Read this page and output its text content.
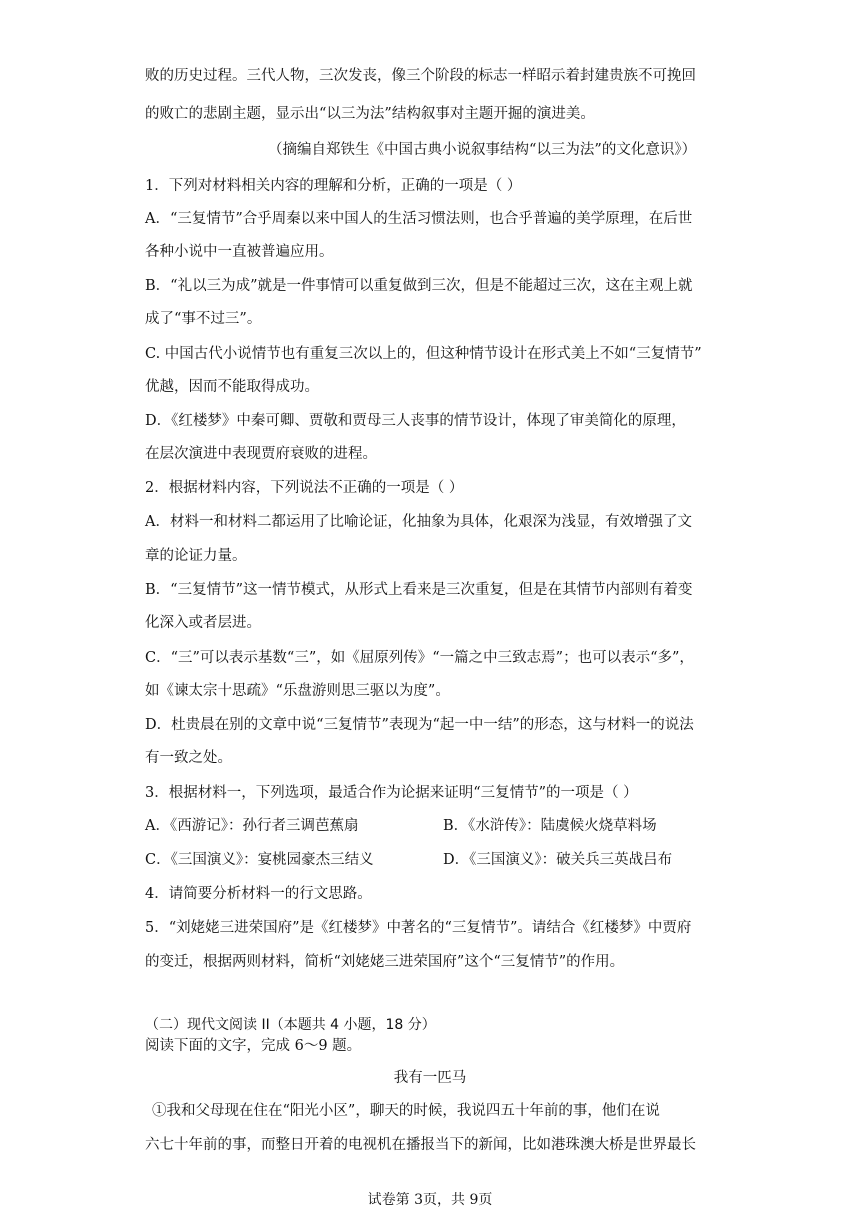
败的历史过程。三代人物，三次发丧，像三个阶段的标志一样昭示着封建贵族不可挽回
的败亡的悲剧主题，显示出“以三为法”结构叙事对主题开掘的演进美。
（摘编自郑铁生《中国古典小说叙事结构“以三为法”的文化意识》）
1．下列对材料相关内容的理解和分析，正确的一项是（ ）
A．“三复情节”合乎周秦以来中国人的生活习惯法则，也合乎普遍的美学原理，在后世
各种小说中一直被普遍应用。
B．“礼以三为成”就是一件事情可以重复做到三次，但是不能超过三次，这在主观上就
成了“事不过三”。
C. 中国古代小说情节也有重复三次以上的，但这种情节设计在形式美上不如“三复情节”
优越，因而不能取得成功。
D．《红楼梦》中秦可卿、贾敬和贾母三人丧事的情节设计，体现了审美简化的原理，
在层次演进中表现贾府衰败的进程。
2．根据材料内容，下列说法不正确的一项是（ ）
A．材料一和材料二都运用了比喻论证，化抽象为具体，化艰深为浅显，有效增强了文
章的论证力量。
B．“三复情节”这一情节模式，从形式上看来是三次重复，但是在其情节内部则有着变
化深入或者层进。
C．“三”可以表示基数“三”，如《屈原列传》“一篇之中三致志焉”；也可以表示“多”，
如《谏太宗十思疏》“乐盘游则思三驱以为度”。
D．杜贵晨在别的文章中说“三复情节”表现为“起一中一结”的形态，这与材料一的说法
有一致之处。
3．根据材料一，下列选项，最适合作为论据来证明“三复情节”的一项是（ ）
A．《西游记》：孙行者三调芭蕉扇	B．《水浒传》：陆虞候火烧草料场
C．《三国演义》：宴桃园豪杰三结义	D．《三国演义》：破关兵三英战吕布
4．请简要分析材料一的行文思路。
5．“刘姥姥三进荣国府”是《红楼梦》中著名的“三复情节”。请结合《红楼梦》中贾府
的变迁，根据两则材料，简析“刘姥姥三进荣国府”这个“三复情节”的作用。
（二）现代文阅读 II（本题共 4 小题，18 分）
阅读下面的文字，完成 6～9 题。
我有一匹马
①我和父母现在住在“阳光小区”，聊天的时候，我说四五十年前的事，他们在说
六七十年前的事，而整日开着的电视机在播报当下的新闻，比如港珠澳大桥是世界最长
试卷第 3页，共 9页
